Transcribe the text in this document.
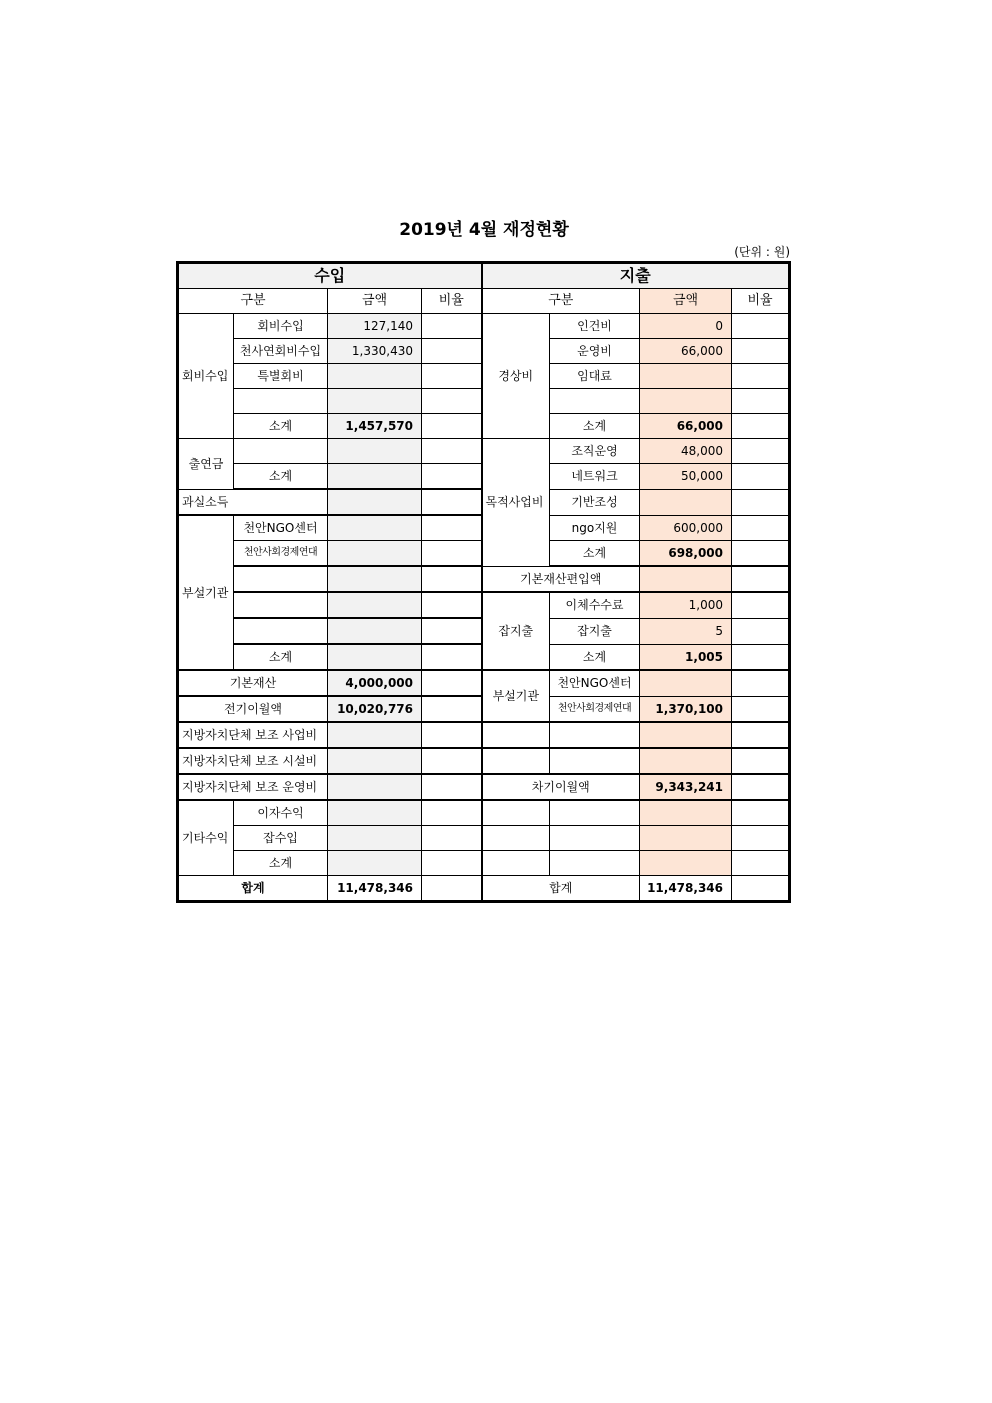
2019년 4월 재정현황
(단위 : 원)
수입				지출			
구분		금액	비율	구분		금액	비율
회비수입	회비수입	127,140		경상비	인건비	0	
	천사연회비수입	1,330,430			운영비	66,000	
	특별회비				임대료		

	소계	1,457,570			소계	66,000	
출연금				목적사업비	조직운영	48,000	
	소계				네트워크	50,000	
과실소득					기반조성		
부설기관	천안NGO센터				ngo지원	600,000	
	천안사회경제연대				소계	698,000	
				기본재산편입액			
				잡지출	이체수수료	1,000	
					잡지출	5	
	소계				소계	1,005	
기본재산		4,000,000		부설기관	천안NGO센터		
전기이월액		10,020,776			천안사회경제연대	1,370,100	
지방자치단체 보조 사업비							
지방자치단체 보조 시설비							
지방자치단체 보조 운영비				차기이월액		9,343,241	
기타수익	이자수익						
	잡수입						
	소계						
합계		11,478,346		합계		11,478,346	
